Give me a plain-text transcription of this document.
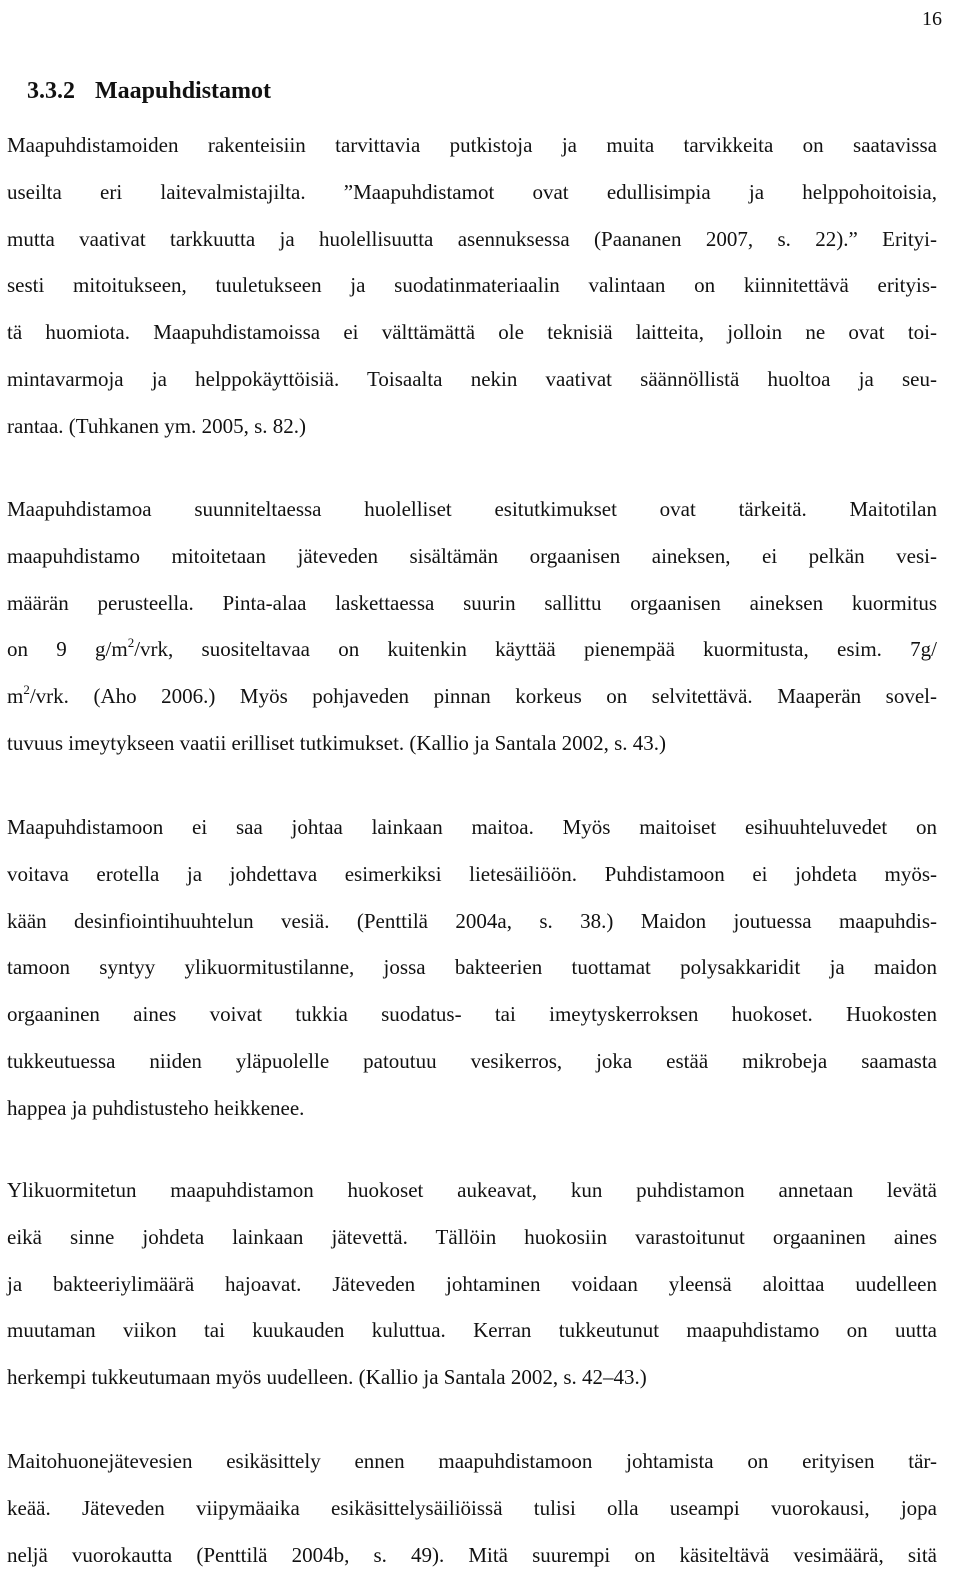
16
3.3.2 Maapuhdistamot

Maapuhdistamoiden rakenteisiin tarvittavia putkistoja ja muita tarvikkeita on saatavissa
useilta eri laitevalmistajilta. ”Maapuhdistamot ovat edullisimpia ja helppohoitoisia,
mutta vaativat tarkkuutta ja huolellisuutta asennuksessa (Paananen 2007, s. 22).” Erityi-
sesti mitoitukseen, tuuletukseen ja suodatinmateriaalin valintaan on kiinnitettävä erityis-
tä huomiota. Maapuhdistamoissa ei välttämättä ole teknisiä laitteita, jolloin ne ovat toi-
mintavarmoja ja helppokäyttöisiä. Toisaalta nekin vaativat säännöllistä huoltoa ja seu-
rantaa. (Tuhkanen ym. 2005, s. 82.)

Maapuhdistamoa suunniteltaessa huolelliset esitutkimukset ovat tärkeitä. Maitotilan
maapuhdistamo mitoitetaan jäteveden sisältämän orgaanisen aineksen, ei pelkän vesi-
määrän perusteella. Pinta-alaa laskettaessa suurin sallittu orgaanisen aineksen kuormitus
on 9 $g/m^2$/vrk, suositeltavaa on kuitenkin käyttää pienempää kuormitusta, esim. 7g/
$m^2$/vrk. (Aho 2006.) Myös pohjaveden pinnan korkeus on selvitettävä. Maaperän sovel-
tuvuus imeytykseen vaatii erilliset tutkimukset. (Kallio ja Santala 2002, s. 43.)

Maapuhdistamoon ei saa johtaa lainkaan maitoa. Myös maitoiset esihuuhteluvedet on
voitava erotella ja johdettava esimerkiksi lietesäiliöön. Puhdistamoon ei johdeta myös-
kään desinfiointihuuhtelun vesiä. (Penttilä 2004a, s. 38.) Maidon joutuessa maapuhdis-
tamoon syntyy ylikuormitustilanne, jossa bakteerien tuottamat polysakkaridit ja maidon
orgaaninen aines voivat tukkia suodatus- tai imeytyskerroksen huokoset. Huokosten
tukkeutuessa niiden yläpuolelle patoutuu vesikerros, joka estää mikrobeja saamasta
happea ja puhdistusteho heikkenee.

Ylikuormitetun maapuhdistamon huokoset aukeavat, kun puhdistamon annetaan levätä
eikä sinne johdeta lainkaan jätevettä. Tällöin huokosiin varastoitunut orgaaninen aines
ja bakteeriylimäärä hajoavat. Jäteveden johtaminen voidaan yleensä aloittaa uudelleen
muutaman viikon tai kuukauden kuluttua. Kerran tukkeutunut maapuhdistamo on uutta
herkempi tukkeutumaan myös uudelleen. (Kallio ja Santala 2002, s. 42–43.)

Maitohuonejätevesien esikäsittely ennen maapuhdistamoon johtamista on erityisen tär-
keää. Jäteveden viipymäaika esikäsittelysäiliöissä tulisi olla useampi vuorokausi, jopa
neljä vuorokautta (Penttilä 2004b, s. 49). Mitä suurempi on käsiteltävä vesimäärä, sitä
